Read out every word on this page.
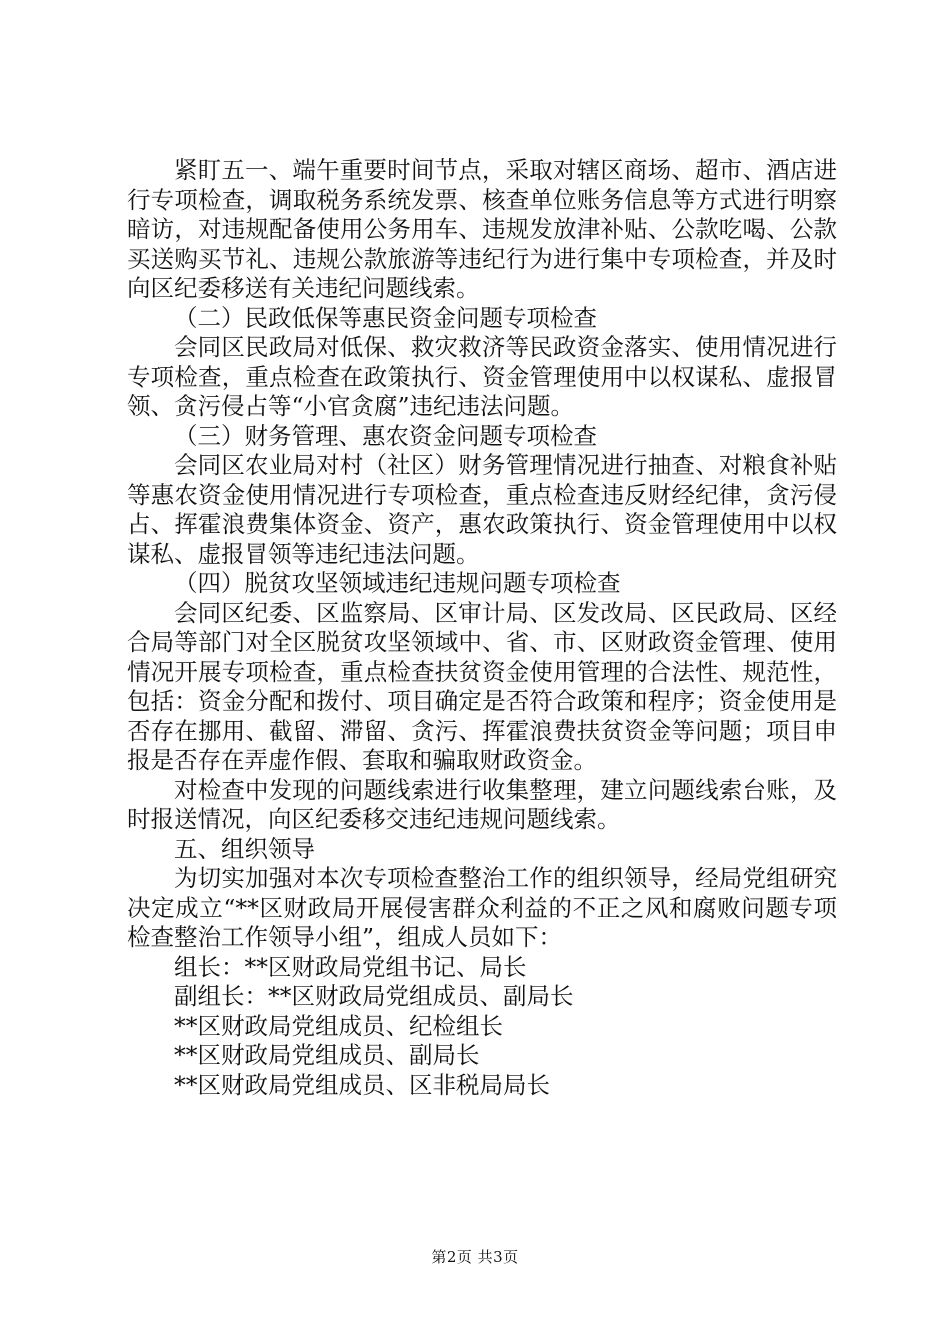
紧盯五一、端午重要时间节点，采取对辖区商场、超市、酒店进行专项检查，调取税务系统发票、核查单位账务信息等方式进行明察暗访，对违规配备使用公务用车、违规发放津补贴、公款吃喝、公款买送购买节礼、违规公款旅游等违纪行为进行集中专项检查，并及时向区纪委移送有关违纪问题线索。

（二）民政低保等惠民资金问题专项检查

会同区民政局对低保、救灾救济等民政资金落实、使用情况进行专项检查，重点检查在政策执行、资金管理使用中以权谋私、虚报冒领、贪污侵占等“小官贪腐”违纪违法问题。

（三）财务管理、惠农资金问题专项检查

会同区农业局对村（社区）财务管理情况进行抽查、对粮食补贴等惠农资金使用情况进行专项检查，重点检查违反财经纪律，贪污侵占、挥霍浪费集体资金、资产，惠农政策执行、资金管理使用中以权谋私、虚报冒领等违纪违法问题。

（四）脱贫攻坚领域违纪违规问题专项检查

会同区纪委、区监察局、区审计局、区发改局、区民政局、区经合局等部门对全区脱贫攻坚领域中、省、市、区财政资金管理、使用情况开展专项检查，重点检查扶贫资金使用管理的合法性、规范性，包括：资金分配和拨付、项目确定是否符合政策和程序；资金使用是否存在挪用、截留、滞留、贪污、挥霍浪费扶贫资金等问题；项目申报是否存在弄虚作假、套取和骗取财政资金。

对检查中发现的问题线索进行收集整理，建立问题线索台账，及时报送情况，向区纪委移交违纪违规问题线索。

五、组织领导

为切实加强对本次专项检查整治工作的组织领导，经局党组研究决定成立“**区财政局开展侵害群众利益的不正之风和腐败问题专项检查整治工作领导小组”，组成人员如下：

组长：**区财政局党组书记、局长

副组长：**区财政局党组成员、副局长

**区财政局党组成员、纪检组长

**区财政局党组成员、副局长

**区财政局党组成员、区非税局局长

第2页 共3页
